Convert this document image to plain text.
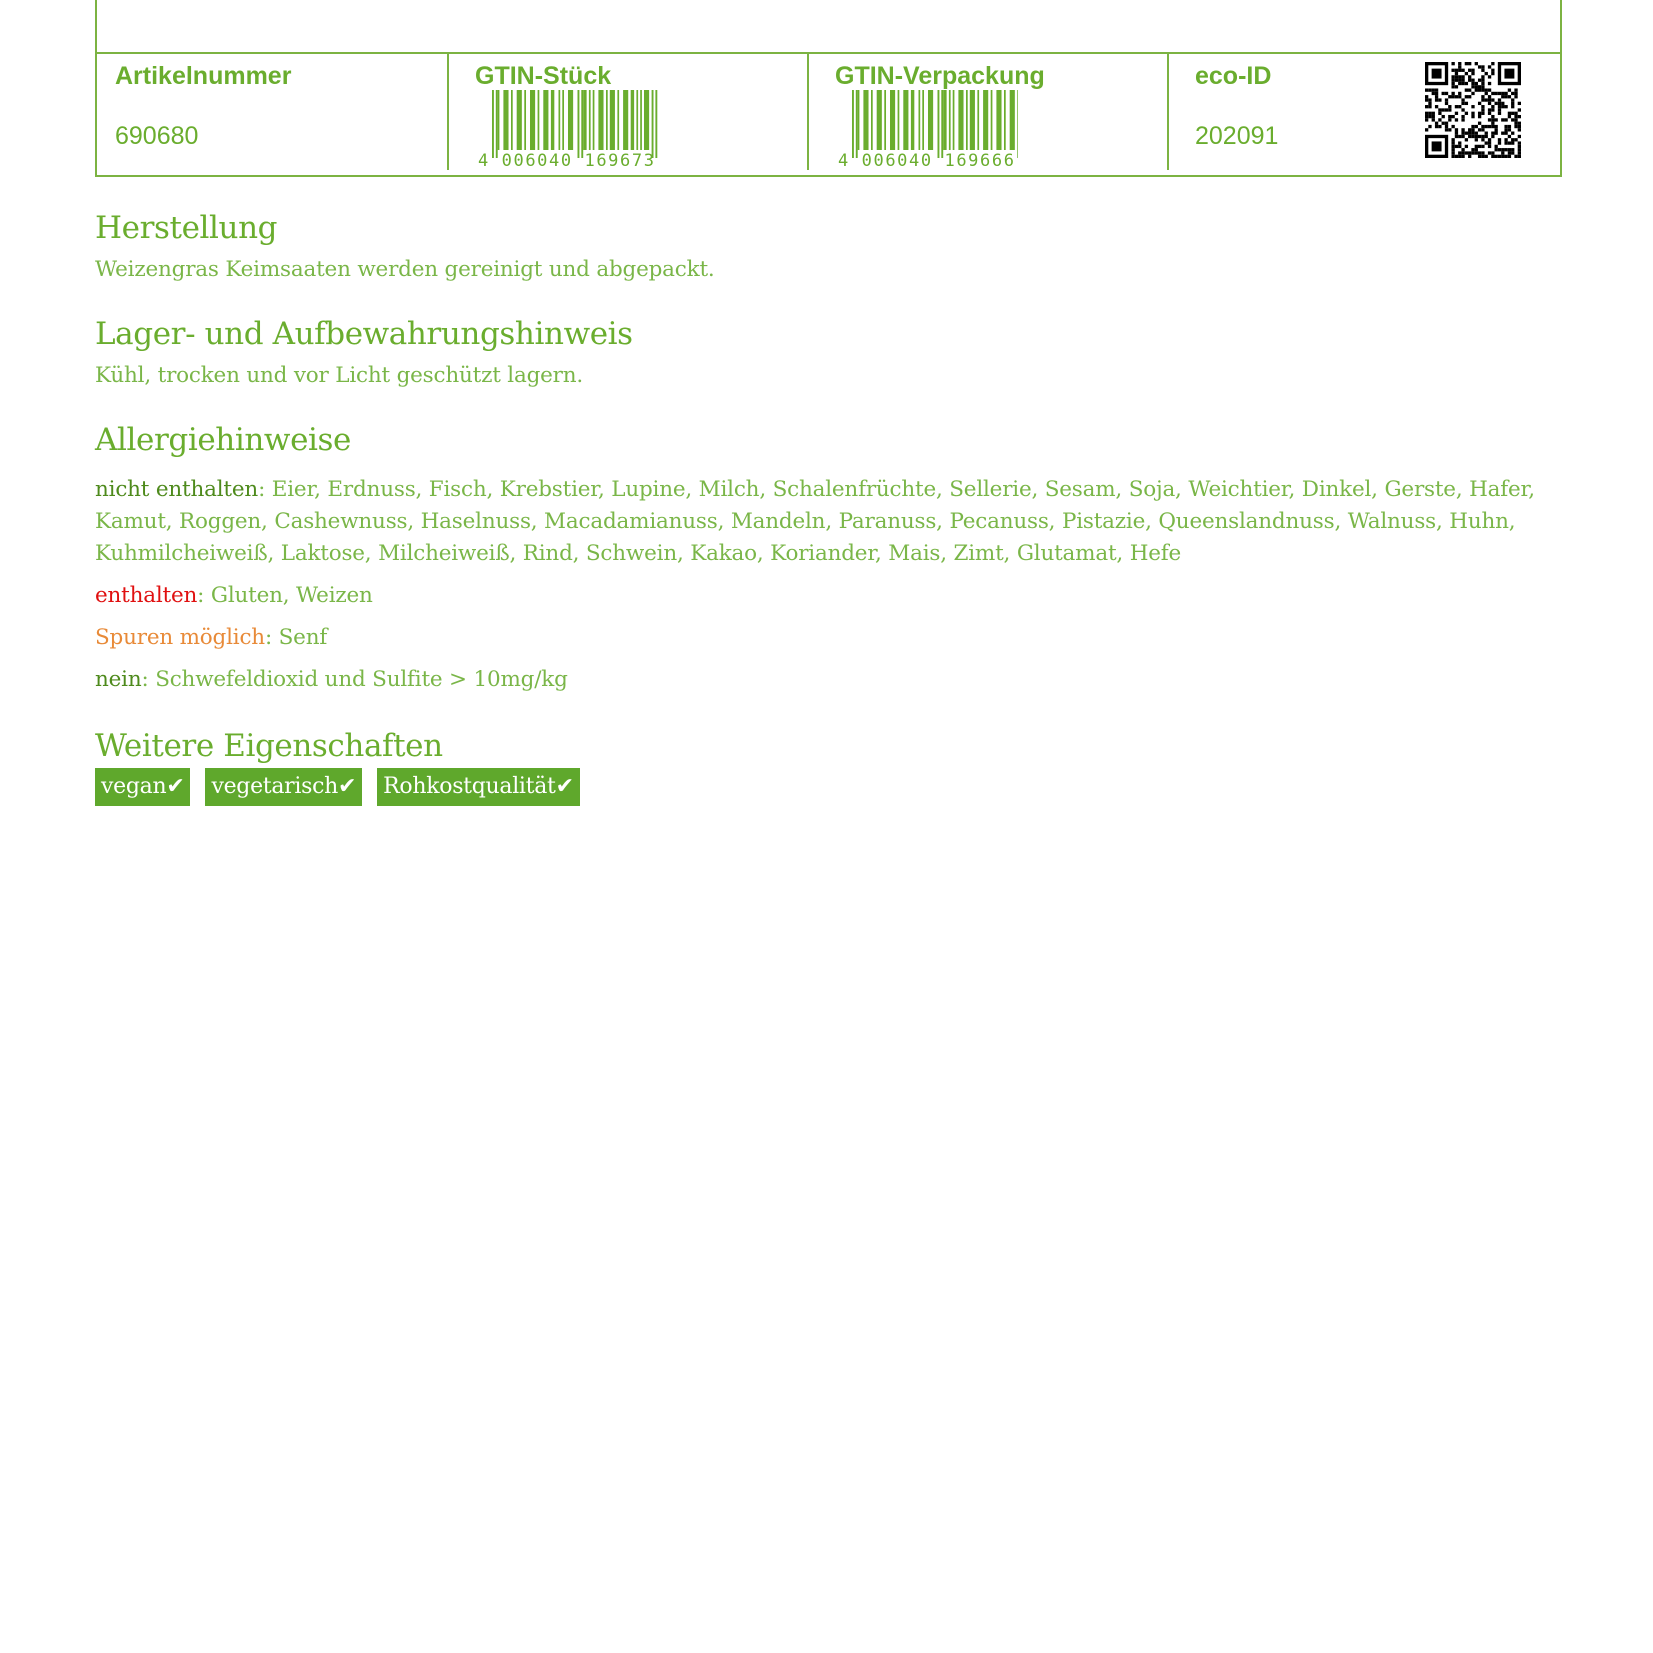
Artikelnummer
690680
GTIN-Stück
4 006040 169673
GTIN-Verpackung
4 006040 169666
eco-ID
202091
Herstellung

Weizengras Keimsaaten werden gereinigt und abgepackt.

Lager- und Aufbewahrungshinweis

Kühl, trocken und vor Licht geschützt lagern.

Allergiehinweise
nicht enthalten: Eier, Erdnuss, Fisch, Krebstier, Lupine, Milch, Schalenfrüchte, Sellerie, Sesam, Soja, Weichtier, Dinkel, Gerste, Hafer,
Kamut, Roggen, Cashewnuss, Haselnuss, Macadamianuss, Mandeln, Paranuss, Pecanuss, Pistazie, Queenslandnuss, Walnuss, Huhn,
Kuhmilcheiweiß, Laktose, Milcheiweiß, Rind, Schwein, Kakao, Koriander, Mais, Zimt, Glutamat, Hefe
enthalten: Gluten, Weizen
Spuren möglich: Senf
nein: Schwefeldioxid und Sulfite > 10mg/kg
Weitere Eigenschaften
vegan✔ vegetarisch✔ Rohkostqualität✔
